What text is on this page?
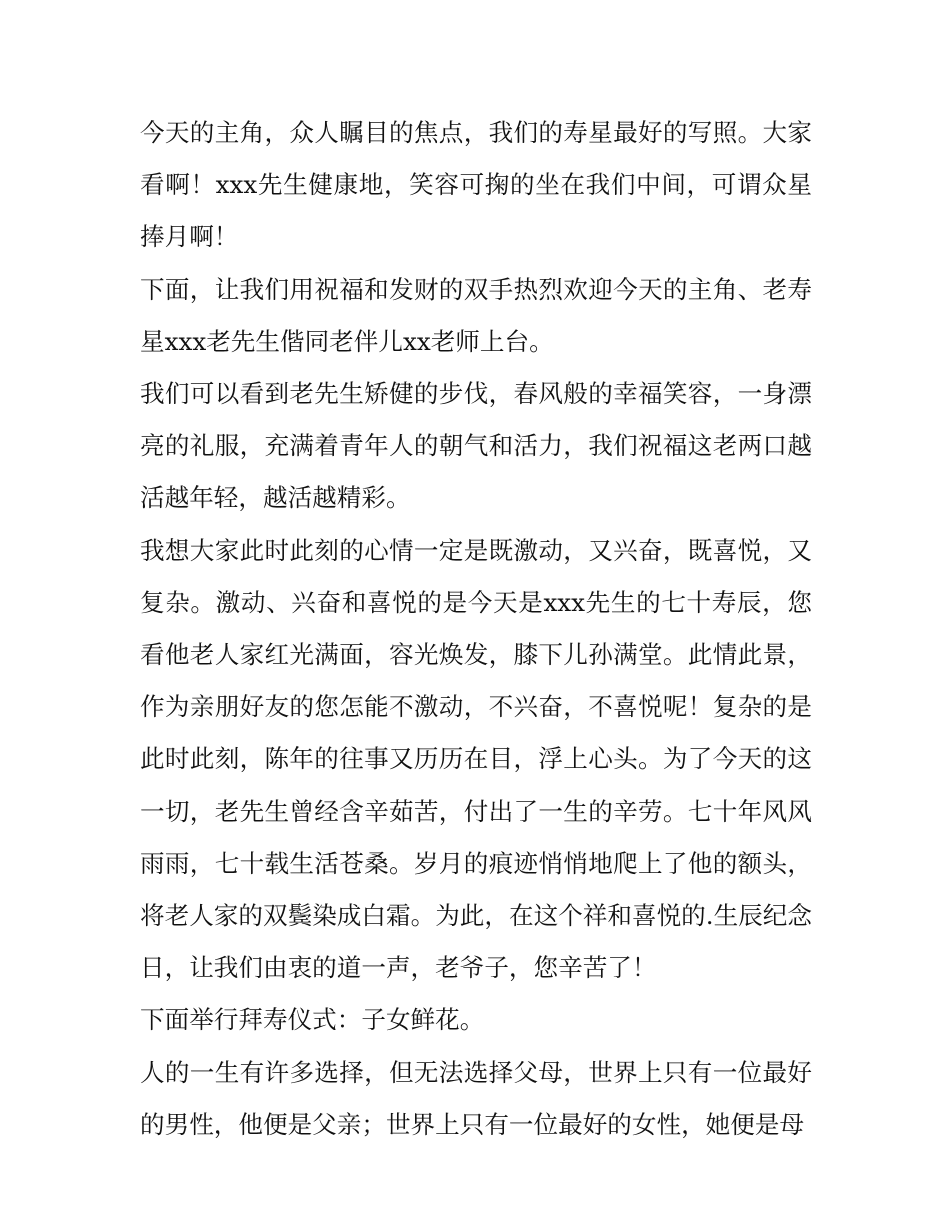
今天的主角，众人瞩目的焦点，我们的寿星最好的写照。大家看啊！xxx先生健康地，笑容可掬的坐在我们中间，可谓众星捧月啊！

下面，让我们用祝福和发财的双手热烈欢迎今天的主角、老寿星xxx老先生偕同老伴儿xx老师上台。

我们可以看到老先生矫健的步伐，春风般的幸福笑容，一身漂亮的礼服，充满着青年人的朝气和活力，我们祝福这老两口越活越年轻，越活越精彩。

我想大家此时此刻的心情一定是既激动，又兴奋，既喜悦，又复杂。激动、兴奋和喜悦的是今天是xxx先生的七十寿辰，您看他老人家红光满面，容光焕发，膝下儿孙满堂。此情此景，作为亲朋好友的您怎能不激动，不兴奋，不喜悦呢！复杂的是此时此刻，陈年的往事又历历在目，浮上心头。为了今天的这一切，老先生曾经含辛茹苦，付出了一生的辛劳。七十年风风雨雨，七十载生活苍桑。岁月的痕迹悄悄地爬上了他的额头，将老人家的双鬓染成白霜。为此，在这个祥和喜悦的.生辰纪念日，让我们由衷的道一声，老爷子，您辛苦了！

下面举行拜寿仪式：子女鲜花。

人的一生有许多选择，但无法选择父母，世界上只有一位最好的男性，他便是父亲；世界上只有一位最好的女性，她便是母
